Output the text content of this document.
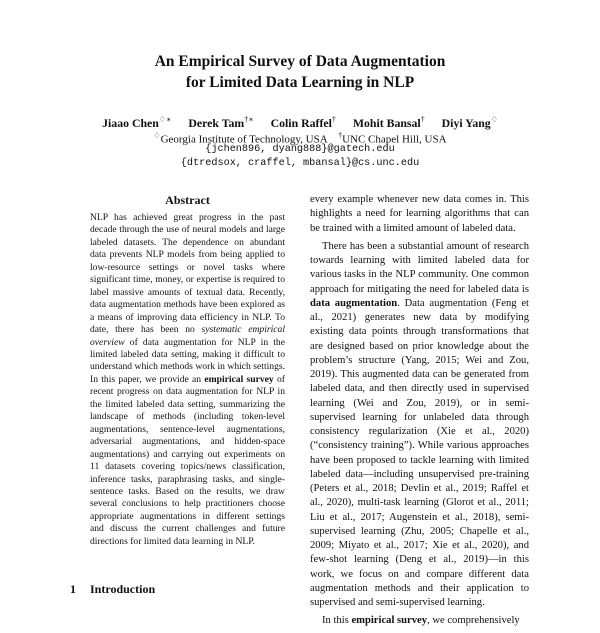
An Empirical Survey of Data Augmentation
for Limited Data Learning in NLP
Jiaao Chen♢∗ Derek Tam†∗ Colin Raffel† Mohit Bansal† Diyi Yang♢
♢Georgia Institute of Technology, USA †UNC Chapel Hill, USA
{jchen896, dyang888}@gatech.edu
{dtredsox, craffel, mbansal}@cs.unc.edu
Abstract
NLP has achieved great progress in the past decade through the use of neural models and large labeled datasets. The dependence on abundant data prevents NLP models from being applied to low-resource settings or novel tasks where significant time, money, or expertise is required to label massive amounts of textual data. Recently, data augmentation methods have been explored as a means of improving data efficiency in NLP. To date, there has been no systematic empirical overview of data augmentation for NLP in the limited labeled data setting, making it difficult to understand which methods work in which settings. In this paper, we provide an empirical survey of recent progress on data augmentation for NLP in the limited labeled data setting, summarizing the landscape of methods (including token-level augmentations, sentence-level augmentations, adversarial augmentations, and hidden-space augmentations) and carrying out experiments on 11 datasets covering topics/news classification, inference tasks, paraphrasing tasks, and single-sentence tasks. Based on the results, we draw several conclusions to help practitioners choose appropriate augmentations in different settings and discuss the current challenges and future directions for limited data learning in NLP.
1 Introduction

every example whenever new data comes in. This highlights a need for learning algorithms that can be trained with a limited amount of labeled data.

There has been a substantial amount of research towards learning with limited labeled data for various tasks in the NLP community. One common approach for mitigating the need for labeled data is data augmentation. Data augmentation (Feng et al., 2021) generates new data by modifying existing data points through transformations that are designed based on prior knowledge about the problem’s structure (Yang, 2015; Wei and Zou, 2019). This augmented data can be generated from labeled data, and then directly used in supervised learning (Wei and Zou, 2019), or in semi-supervised learning for unlabeled data through consistency regularization (Xie et al., 2020) (“consistency training”). While various approaches have been proposed to tackle learning with limited labeled data—including unsupervised pre-training (Peters et al., 2018; Devlin et al., 2019; Raffel et al., 2020), multi-task learning (Glorot et al., 2011; Liu et al., 2017; Augenstein et al., 2018), semi-supervised learning (Zhu, 2005; Chapelle et al., 2009; Miyato et al., 2017; Xie et al., 2020), and few-shot learning (Deng et al., 2019)—in this work, we focus on and compare different data augmentation methods and their application to supervised and semi-supervised learning.

In this empirical survey, we comprehensively
